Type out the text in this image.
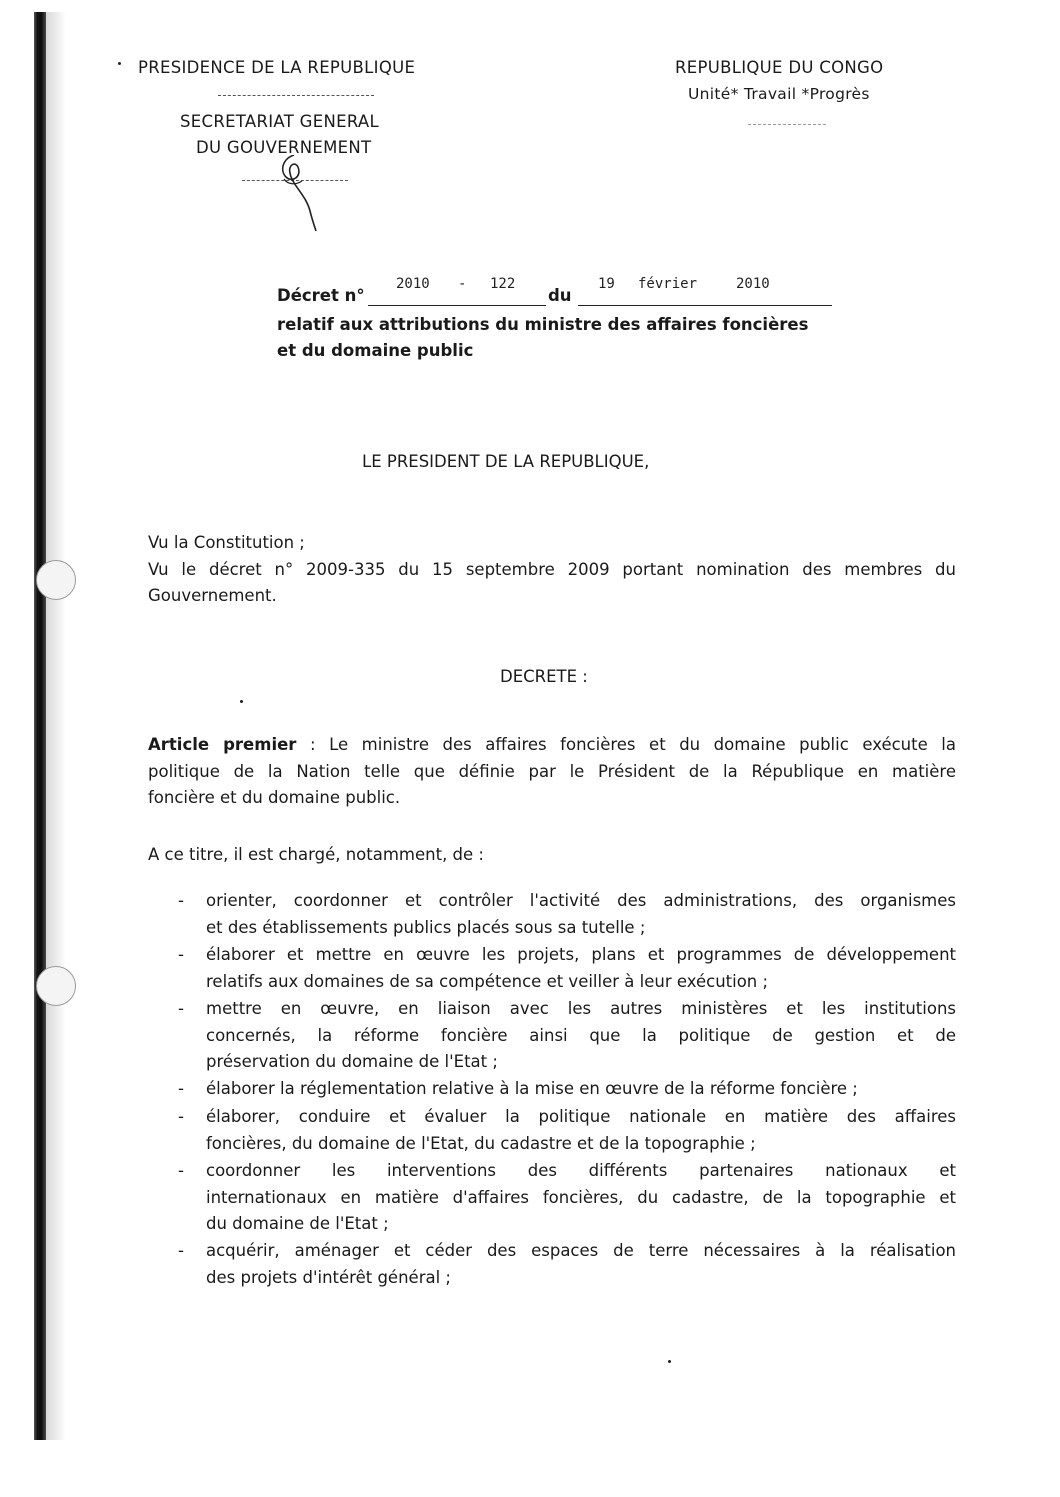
PRESIDENCE DE LA REPUBLIQUE
SECRETARIAT GENERAL
DU GOUVERNEMENT
REPUBLIQUE DU CONGO
Unité* Travail *Progrès
Décret n°
2010 - 122
du
19 février	2010
relatif aux attributions du ministre des affaires foncières
et du domaine public
LE PRESIDENT DE LA REPUBLIQUE,
Vu la Constitution ;
Vu le décret n° 2009-335 du 15 septembre 2009 portant nomination des membres du
Gouvernement.
DECRETE :
Article premier : Le ministre des affaires foncières et du domaine public exécute la
politique de la Nation telle que définie par le Président de la République en matière
foncière et du domaine public.
A ce titre, il est chargé, notamment, de :
- orienter, coordonner et contrôler l'activité des administrations, des organismes
et des établissements publics placés sous sa tutelle ;
- élaborer et mettre en œuvre les projets, plans et programmes de développement
relatifs aux domaines de sa compétence et veiller à leur exécution ;
- mettre en œuvre, en liaison avec les autres ministères et les institutions
concernés, la réforme foncière ainsi que la politique de gestion et de
préservation du domaine de l'Etat ;
- élaborer la réglementation relative à la mise en œuvre de la réforme foncière ;
- élaborer, conduire et évaluer la politique nationale en matière des affaires
foncières, du domaine de l'Etat, du cadastre et de la topographie ;
- coordonner les interventions des différents partenaires nationaux et
internationaux en matière d'affaires foncières, du cadastre, de la topographie et
du domaine de l'Etat ;
- acquérir, aménager et céder des espaces de terre nécessaires à la réalisation
des projets d'intérêt général ;
